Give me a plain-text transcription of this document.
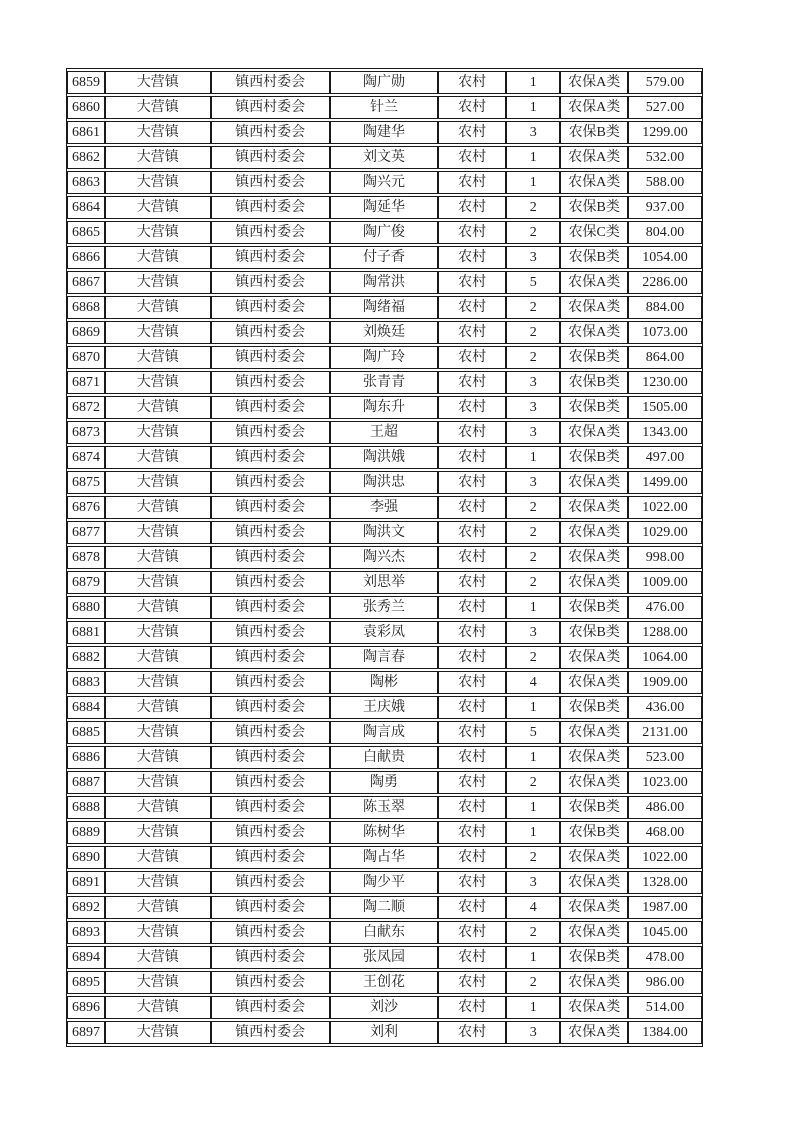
6859	大营镇	镇西村委会	陶广勋	农村	1	农保A类	579.00
6860	大营镇	镇西村委会	针兰	农村	1	农保A类	527.00
6861	大营镇	镇西村委会	陶建华	农村	3	农保B类	1299.00
6862	大营镇	镇西村委会	刘文英	农村	1	农保A类	532.00
6863	大营镇	镇西村委会	陶兴元	农村	1	农保A类	588.00
6864	大营镇	镇西村委会	陶延华	农村	2	农保B类	937.00
6865	大营镇	镇西村委会	陶广俊	农村	2	农保C类	804.00
6866	大营镇	镇西村委会	付子香	农村	3	农保B类	1054.00
6867	大营镇	镇西村委会	陶常洪	农村	5	农保A类	2286.00
6868	大营镇	镇西村委会	陶绪福	农村	2	农保A类	884.00
6869	大营镇	镇西村委会	刘焕廷	农村	2	农保A类	1073.00
6870	大营镇	镇西村委会	陶广玲	农村	2	农保B类	864.00
6871	大营镇	镇西村委会	张青青	农村	3	农保B类	1230.00
6872	大营镇	镇西村委会	陶东升	农村	3	农保B类	1505.00
6873	大营镇	镇西村委会	王超	农村	3	农保A类	1343.00
6874	大营镇	镇西村委会	陶洪娥	农村	1	农保B类	497.00
6875	大营镇	镇西村委会	陶洪忠	农村	3	农保A类	1499.00
6876	大营镇	镇西村委会	李强	农村	2	农保A类	1022.00
6877	大营镇	镇西村委会	陶洪文	农村	2	农保A类	1029.00
6878	大营镇	镇西村委会	陶兴杰	农村	2	农保A类	998.00
6879	大营镇	镇西村委会	刘思举	农村	2	农保A类	1009.00
6880	大营镇	镇西村委会	张秀兰	农村	1	农保B类	476.00
6881	大营镇	镇西村委会	袁彩凤	农村	3	农保B类	1288.00
6882	大营镇	镇西村委会	陶言春	农村	2	农保A类	1064.00
6883	大营镇	镇西村委会	陶彬	农村	4	农保A类	1909.00
6884	大营镇	镇西村委会	王庆娥	农村	1	农保B类	436.00
6885	大营镇	镇西村委会	陶言成	农村	5	农保A类	2131.00
6886	大营镇	镇西村委会	白献贵	农村	1	农保A类	523.00
6887	大营镇	镇西村委会	陶勇	农村	2	农保A类	1023.00
6888	大营镇	镇西村委会	陈玉翠	农村	1	农保B类	486.00
6889	大营镇	镇西村委会	陈树华	农村	1	农保B类	468.00
6890	大营镇	镇西村委会	陶占华	农村	2	农保A类	1022.00
6891	大营镇	镇西村委会	陶少平	农村	3	农保A类	1328.00
6892	大营镇	镇西村委会	陶二顺	农村	4	农保A类	1987.00
6893	大营镇	镇西村委会	白献东	农村	2	农保A类	1045.00
6894	大营镇	镇西村委会	张凤园	农村	1	农保B类	478.00
6895	大营镇	镇西村委会	王创花	农村	2	农保A类	986.00
6896	大营镇	镇西村委会	刘沙	农村	1	农保A类	514.00
6897	大营镇	镇西村委会	刘利	农村	3	农保A类	1384.00
